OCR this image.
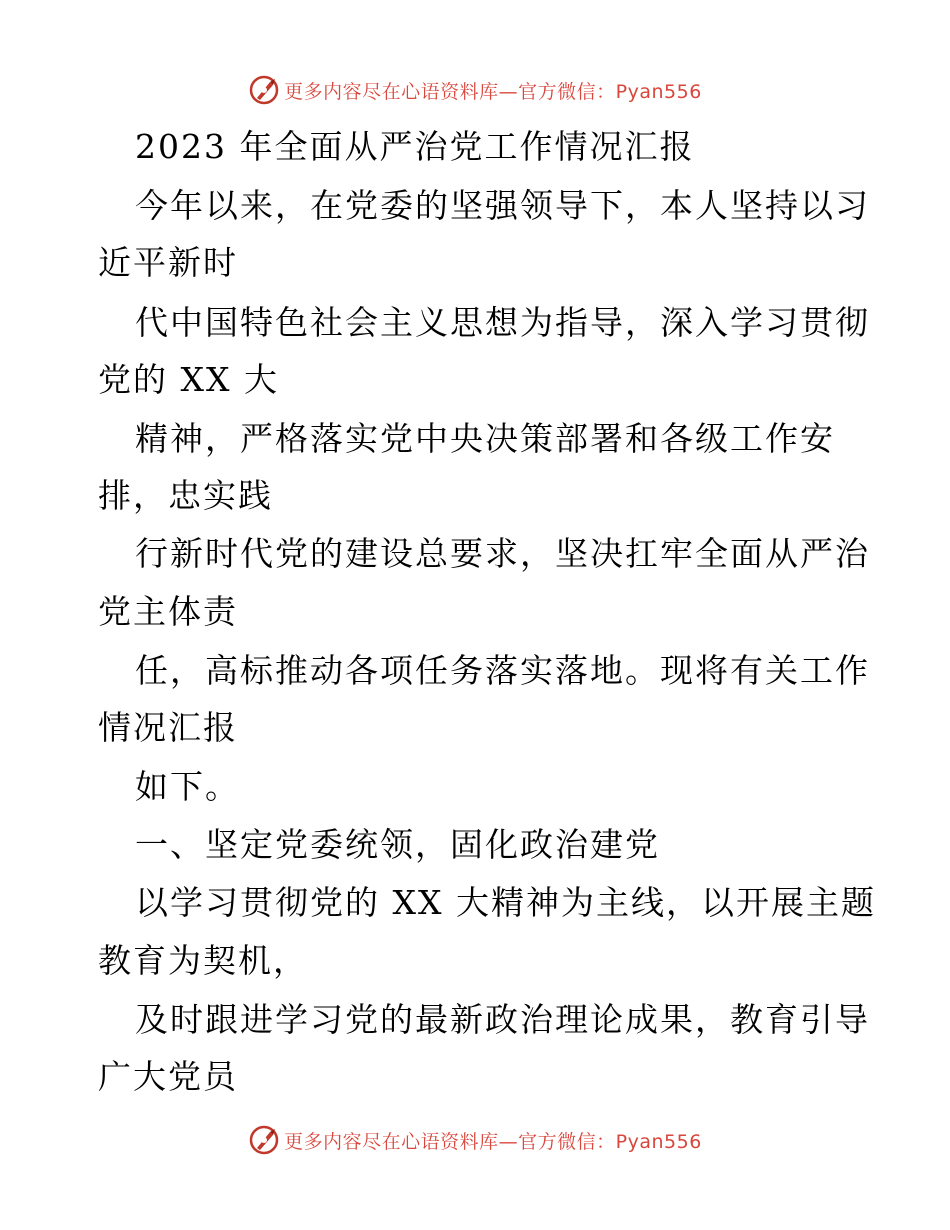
更多内容尽在心语资料库—官方微信：Pyan556
2023 年全面从严治党工作情况汇报
今年以来，在党委的坚强领导下，本人坚持以习
近平新时
代中国特色社会主义思想为指导，深入学习贯彻
党的 XX 大
精神，严格落实党中央决策部署和各级工作安
排，忠实践
行新时代党的建设总要求，坚决扛牢全面从严治
党主体责
任，高标推动各项任务落实落地。现将有关工作
情况汇报
如下。
一、坚定党委统领，固化政治建党
以学习贯彻党的 XX 大精神为主线，以开展主题
教育为契机，
及时跟进学习党的最新政治理论成果，教育引导
广大党员
更多内容尽在心语资料库—官方微信：Pyan556
